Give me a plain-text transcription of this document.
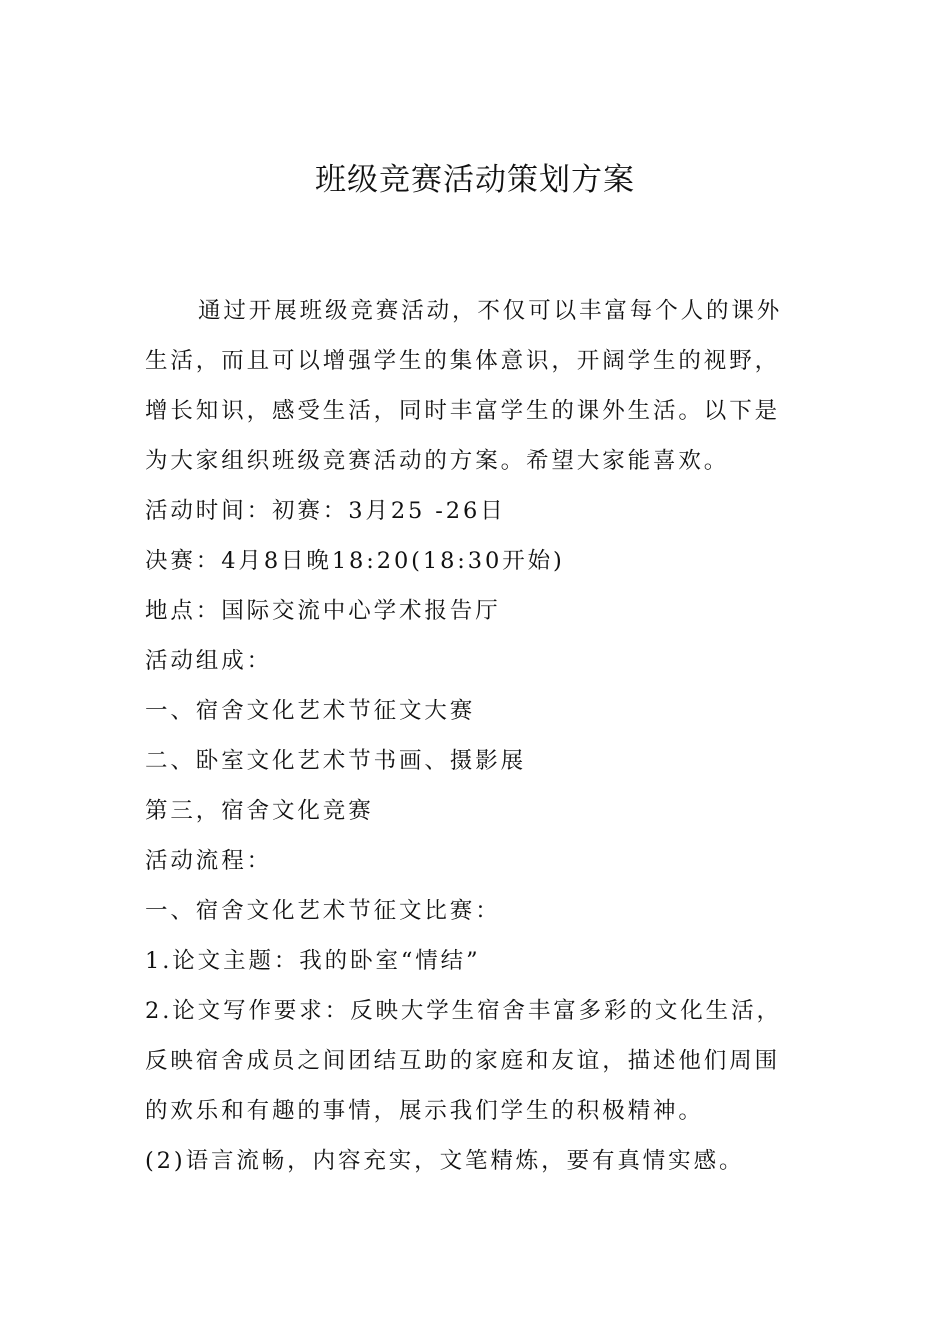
班级竞赛活动策划方案

通过开展班级竞赛活动，不仅可以丰富每个人的课外生活，而且可以增强学生的集体意识，开阔学生的视野，增长知识，感受生活，同时丰富学生的课外生活。以下是为大家组织班级竞赛活动的方案。希望大家能喜欢。

活动时间：初赛：3月25 -26日

决赛：4月8日晚18:20(18:30开始)

地点：国际交流中心学术报告厅

活动组成：

一、宿舍文化艺术节征文大赛

二、卧室文化艺术节书画、摄影展

第三，宿舍文化竞赛

活动流程：

一、宿舍文化艺术节征文比赛：

1.论文主题：我的卧室“情结”

2.论文写作要求：反映大学生宿舍丰富多彩的文化生活，反映宿舍成员之间团结互助的家庭和友谊，描述他们周围的欢乐和有趣的事情，展示我们学生的积极精神。

(2)语言流畅，内容充实，文笔精炼，要有真情实感。
